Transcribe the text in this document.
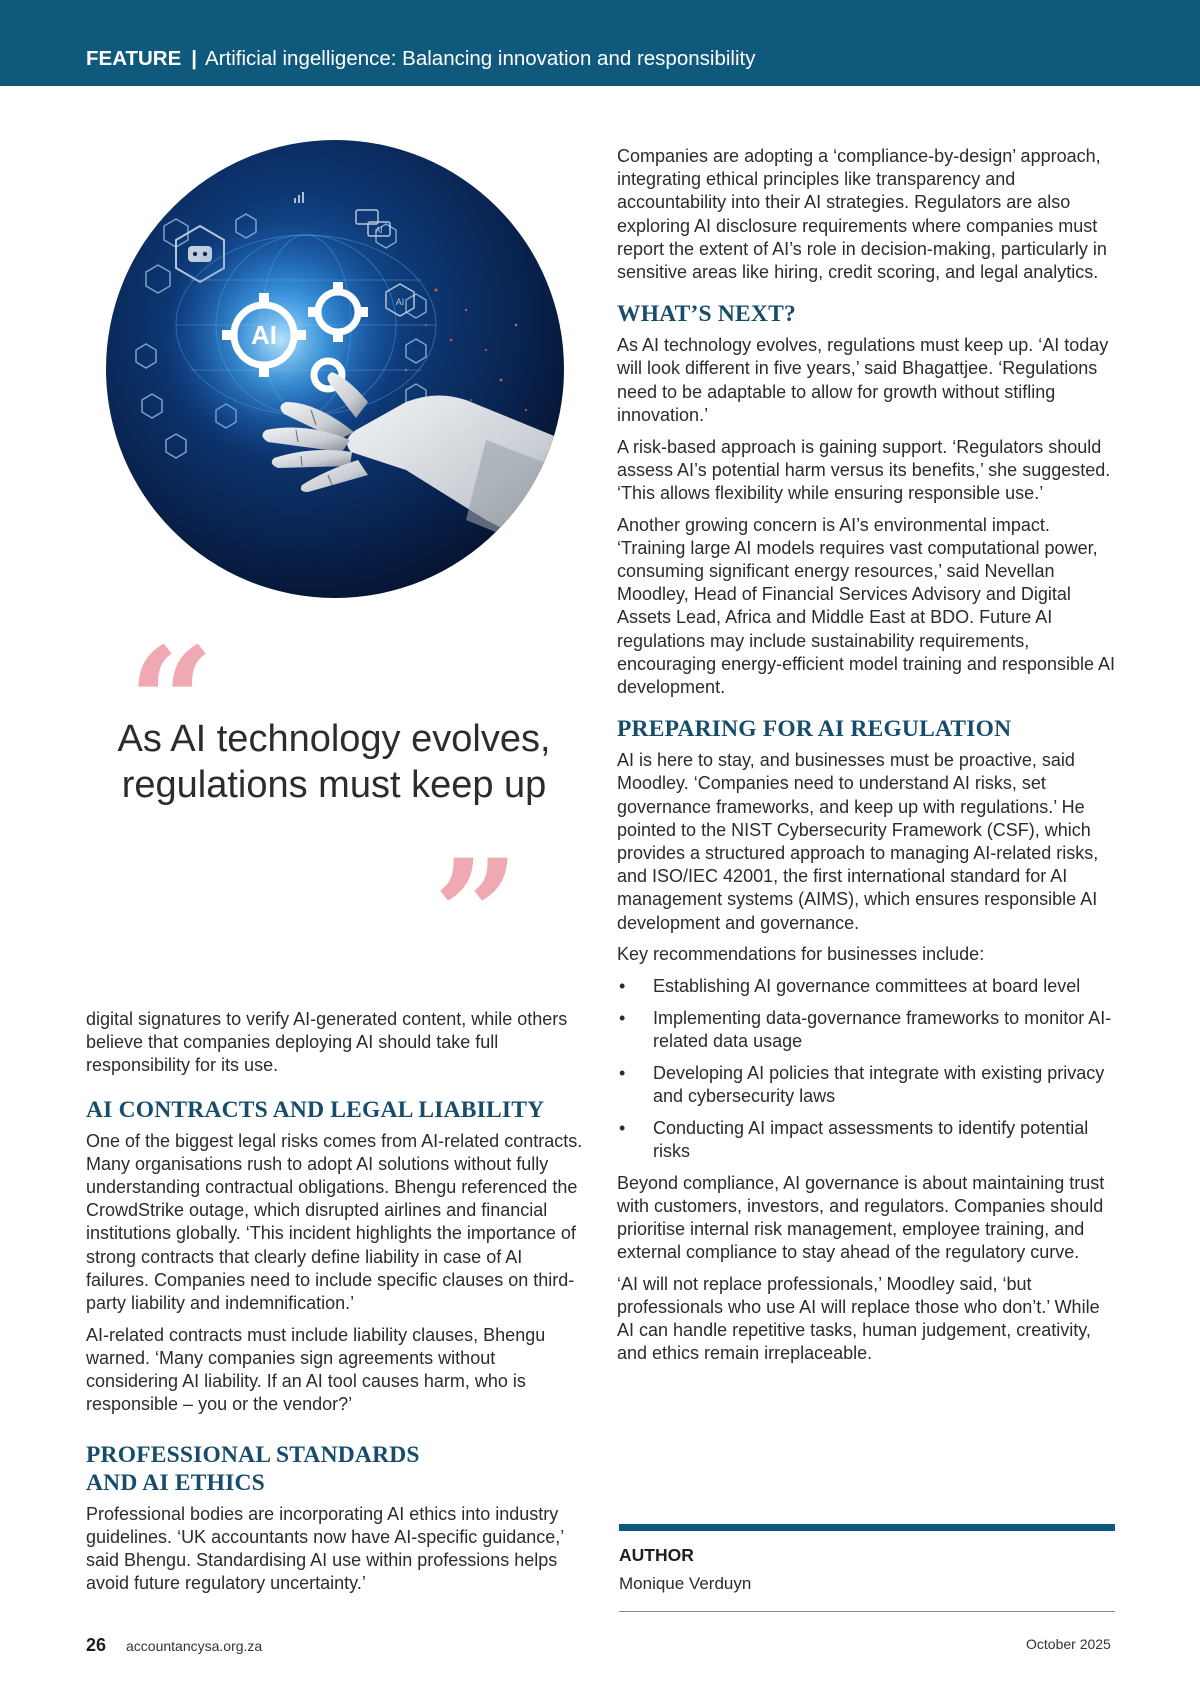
FEATURE | Artificial ingelligence: Balancing innovation and responsibility
AI
AI
AI
“
As AI technology evolves, regulations must keep up
”

digital signatures to verify AI-generated content, while others believe that companies deploying AI should take full responsibility for its use.

AI CONTRACTS AND LEGAL LIABILITY

One of the biggest legal risks comes from AI-related contracts. Many organisations rush to adopt AI solutions without fully understanding contractual obligations. Bhengu referenced the CrowdStrike outage, which disrupted airlines and financial institutions globally. ‘This incident highlights the importance of strong contracts that clearly define liability in case of AI failures. Companies need to include specific clauses on third-party liability and indemnification.’

AI-related contracts must include liability clauses, Bhengu warned. ‘Many companies sign agreements without considering AI liability. If an AI tool causes harm, who is responsible – you or the vendor?’

PROFESSIONAL STANDARDS
AND AI ETHICS

Professional bodies are incorporating AI ethics into industry guidelines. ‘UK accountants now have AI-specific guidance,’ said Bhengu. Standardising AI use within professions helps avoid future regulatory uncertainty.’

Companies are adopting a ‘compliance-by-design’ approach, integrating ethical principles like transparency and accountability into their AI strategies. Regulators are also exploring AI disclosure requirements where companies must report the extent of AI’s role in decision-making, particularly in sensitive areas like hiring, credit scoring, and legal analytics.

WHAT’S NEXT?

As AI technology evolves, regulations must keep up. ‘AI today will look different in five years,’ said Bhagattjee. ‘Regulations need to be adaptable to allow for growth without stifling innovation.’

A risk-based approach is gaining support. ‘Regulators should assess AI’s potential harm versus its benefits,’ she suggested. ‘This allows flexibility while ensuring responsible use.’

Another growing concern is AI’s environmental impact. ‘Training large AI models requires vast computational power, consuming significant energy resources,’ said Nevellan Moodley, Head of Financial Services Advisory and Digital Assets Lead, Africa and Middle East at BDO. Future AI regulations may include sustainability requirements, encouraging energy-efficient model training and responsible AI development.

PREPARING FOR AI REGULATION

AI is here to stay, and businesses must be proactive, said Moodley. ‘Companies need to understand AI risks, set governance frameworks, and keep up with regulations.’ He pointed to the NIST Cybersecurity Framework (CSF), which provides a structured approach to managing AI-related risks, and ISO/IEC 42001, the first international standard for AI management systems (AIMS), which ensures responsible AI development and governance.

Key recommendations for businesses include:

• Establishing AI governance committees at board level
• Implementing data-governance frameworks to monitor AI-related data usage
• Developing AI policies that integrate with existing privacy and cybersecurity laws
• Conducting AI impact assessments to identify potential risks

Beyond compliance, AI governance is about maintaining trust with customers, investors, and regulators. Companies should prioritise internal risk management, employee training, and external compliance to stay ahead of the regulatory curve.

‘AI will not replace professionals,’ Moodley said, ‘but professionals who use AI will replace those who don’t.’ While AI can handle repetitive tasks, human judgement, creativity, and ethics remain irreplaceable.

AUTHOR
Monique Verduyn
26 accountancysa.org.za	October 2025
